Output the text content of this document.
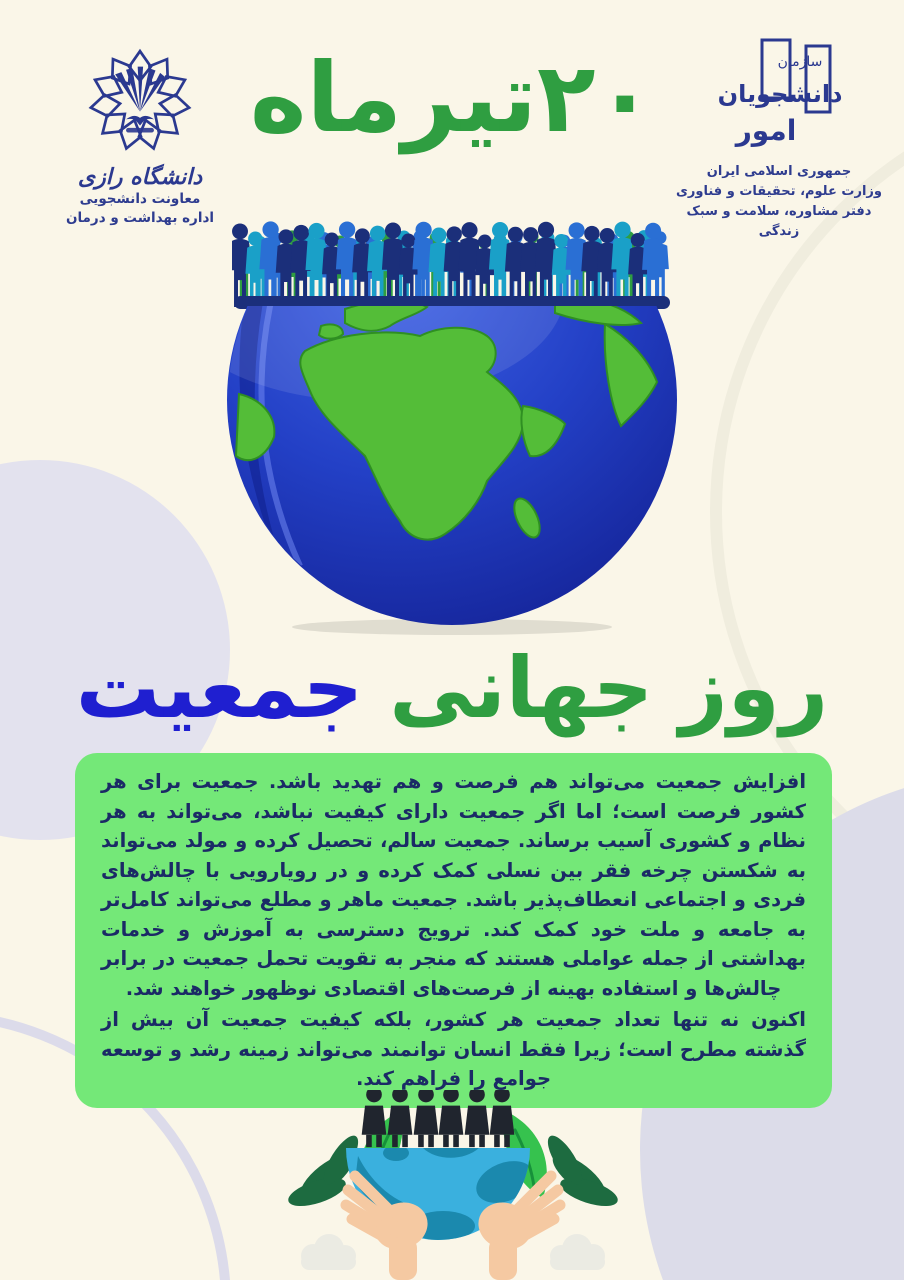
دانشگاه رازی
معاونت دانشجویی
اداره بهداشت و درمان
۲۰تیرماه	سازمان
دانشجویان
امور
جمهوری اسلامی ایران
وزارت علوم، تحقیقات و فناوری
دفتر مشاوره، سلامت و سبک زندگی
روز
جهانی
جمعیت

افزایش جمعیت می‌تواند هم فرصت و هم تهدید باشد. جمعیت برای هر کشور فرصت است؛ اما اگر جمعیت دارای کیفیت نباشد، می‌تواند به هر نظام و کشوری آسیب برساند. جمعیت سالم، تحصیل کرده و مولد می‌تواند به شکستن چرخه فقر بین نسلی کمک کرده و در رویارویی با چالش‌های فردی و اجتماعی انعطاف‌پذیر باشد. جمعیت ماهر و مطلع می‌تواند کامل‌تر به جامعه و ملت خود کمک کند. ترویج دسترسی به آموزش و خدمات بهداشتی از جمله عواملی هستند که منجر به تقویت تحمل جمعیت در برابر چالش‌ها و استفاده بهینه از فرصت‌های اقتصادی نوظهور خواهند شد.

اکنون نه تنها تعداد جمعیت هر کشور، بلکه کیفیت جمعیت آن بیش از گذشته مطرح است؛ زیرا فقط انسان توانمند می‌تواند زمینه رشد و توسعه جوامع را فراهم کند.
